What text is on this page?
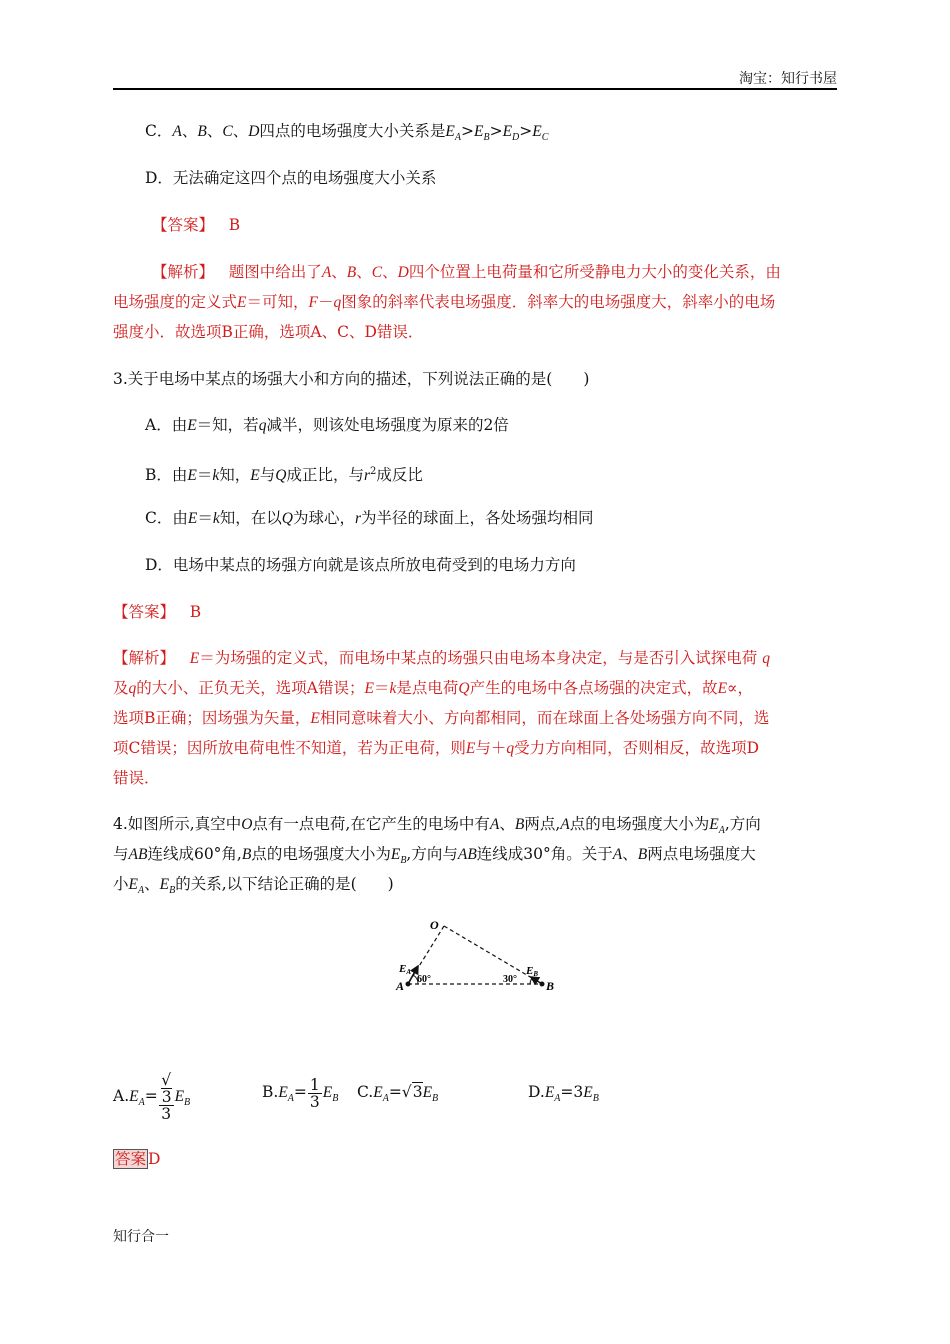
淘宝：知行书屋
C．A、B、C、D四点的电场强度大小关系是$E_A>E_B>E_D>E_C$
D．无法确定这四个点的电场强度大小关系
【答案】 B
【解析】 题图中给出了A、B、C、D四个位置上电荷量和它所受静电力大小的变化关系，由
电场强度的定义式E＝可知，F－q图象的斜率代表电场强度．斜率大的电场强度大，斜率小的电场
强度小．故选项B正确，选项A、C、D错误．
3.关于电场中某点的场强大小和方向的描述，下列说法正确的是(　　)
A．由E＝知，若q减半，则该处电场强度为原来的2倍
B．由E＝k知，E与Q成正比，与$r^2$成反比
C．由E＝k知，在以Q为球心，r为半径的球面上，各处场强均相同
D．电场中某点的场强方向就是该点所放电荷受到的电场力方向
【答案】 B
【解析】 E＝为场强的定义式，而电场中某点的场强只由电场本身决定，与是否引入试探电荷 q
及q的大小、正负无关，选项A错误；E＝k是点电荷Q产生的电场中各点场强的决定式，故E∝，
选项B正确；因场强为矢量，E相同意味着大小、方向都相同，而在球面上各处场强方向不同，选
项C错误；因所放电荷电性不知道，若为正电荷，则E与＋q受力方向相同，否则相反，故选项D
错误．
4.如图所示,真空中O点有一点电荷,在它产生的电场中有A、B两点,A点的电场强度大小为$E_A$,方向
与AB连线成60°角,B点的电场强度大小为$E_B$,方向与AB连线成30°角。关于A、B两点电场强度大
小$E_A$、$E_B$的关系,以下结论正确的是(　　)
O
A	B
EA	EB
60°	30°
$A.E_A=$ √
3
3 $E_B$
$B.E_A= \frac{1}{3} E_B$ $C.E_A=√3E_B$	$D.E_A=3E_B$
答案 D
知行合一
